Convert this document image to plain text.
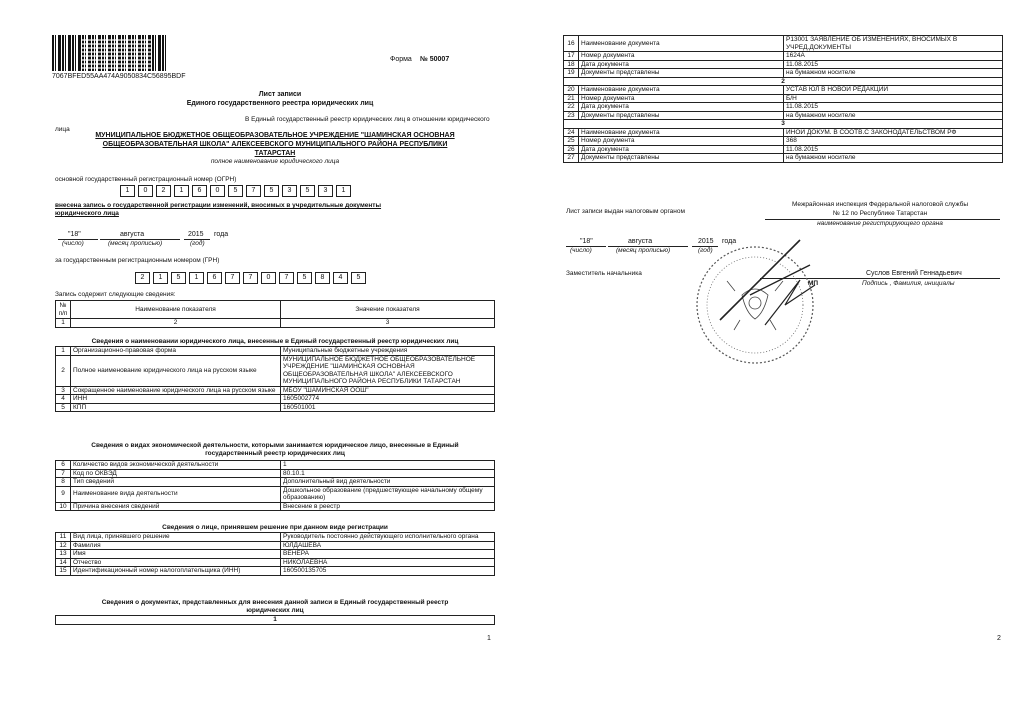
7067BFED55AA474A9050834C56895BDF
Форма № 50007
Лист записи
Единого государственного реестра юридических лиц
В Единый государственный реестр юридических лиц в отношении юридического
лица
МУНИЦИПАЛЬНОЕ БЮДЖЕТНОЕ ОБЩЕОБРАЗОВАТЕЛЬНОЕ УЧРЕЖДЕНИЕ "ШАМИНСКАЯ ОСНОВНАЯ
ОБЩЕОБРАЗОВАТЕЛЬНАЯ ШКОЛА" АЛЕКСЕЕВСКОГО МУНИЦИПАЛЬНОГО РАЙОНА РЕСПУБЛИКИ
ТАТАРСТАН
полное наименование юридического лица
основной государственный регистрационный номер (ОГРН)
1	0	2	1	6	0	5	7	5	3	5	3	1
внесена запись о государственной регистрации изменений, вносимых в учредительные документы
юридического лица
"18"	августа	2015 года
(число)	(месяц прописью)	(год)
за государственным регистрационным номером (ГРН)
2	1	5	1	6	7	7	0	7	5	8	4	5
Запись содержит следующие сведения:
№ п/п	Наименование показателя	Значение показателя
1	2	3
Сведения о наименовании юридического лица, внесенные в Единый государственный реестр юридических лиц
1	Организационно-правовая форма	Муниципальные бюджетные учреждения
2	Полное наименование юридического лица на русском языке	МУНИЦИПАЛЬНОЕ БЮДЖЕТНОЕ ОБЩЕОБРАЗОВАТЕЛЬНОЕ УЧРЕЖДЕНИЕ "ШАМИНСКАЯ ОСНОВНАЯ ОБЩЕОБРАЗОВАТЕЛЬНАЯ ШКОЛА" АЛЕКСЕЕВСКОГО МУНИЦИПАЛЬНОГО РАЙОНА РЕСПУБЛИКИ ТАТАРСТАН
3	Сокращенное наименование юридического лица на русском языке	МБОУ "ШАМИНСКАЯ ООШ"
4	ИНН	1605002774
5	КПП	160501001
Сведения о видах экономической деятельности, которыми занимается юридическое лицо, внесенные в Единый
государственный реестр юридических лиц
6	Количество видов экономической деятельности	1
7	Код по ОКВЭД	80.10.1
8	Тип сведений	Дополнительный вид деятельности
9	Наименование вида деятельности	Дошкольное образование (предшествующее начальному общему образованию)
10	Причина внесения сведений	Внесение в реестр
Сведения о лице, принявшем решение при данном виде регистрации
11	Вид лица, принявшего решение	Руководитель постоянно действующего исполнительного органа
12	Фамилия	ЮЛДАШЕВА
13	Имя	ВЕНЕРА
14	Отчество	НИКОЛАЕВНА
15	Идентификационный номер налогоплательщика (ИНН)	160500135705
Сведения о документах, представленных для внесения данной записи в Единый государственный реестр
юридических лиц
1
1
16	Наименование документа	Р13001 ЗАЯВЛЕНИЕ ОБ ИЗМЕНЕНИЯХ, ВНОСИМЫХ В УЧРЕД.ДОКУМЕНТЫ
17	Номер документа	1624А
18	Дата документа	11.08.2015
19	Документы представлены	на бумажном носителе
2		
20	Наименование документа	УСТАВ ЮЛ В НОВОЙ РЕДАКЦИИ
21	Номер документа	Б/Н
22	Дата документа	11.08.2015
23	Документы представлены	на бумажном носителе
3		
24	Наименование документа	ИНОЙ ДОКУМ. В СООТВ.С ЗАКОНОДАТЕЛЬСТВОМ РФ
25	Номер документа	368
26	Дата документа	11.08.2015
27	Документы представлены	на бумажном носителе
Лист записи выдан налоговым органом
Межрайонная инспекция Федеральной налоговой службы
№ 12 по Республике Татарстан
наименование регистрирующего органа
"18"	августа	2015 года
(число)	(месяц прописью)	(год)
Заместитель начальника	Суслов Евгений Геннадьевич
Подпись , Фамилия, инициалы
МП
2
